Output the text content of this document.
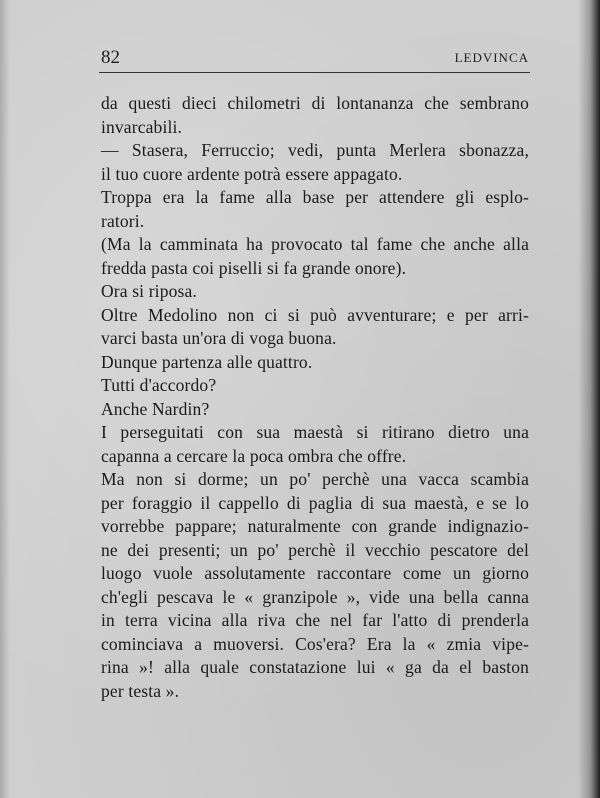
82	LEDVINCA
da questi dieci chilometri di lontananza che sembrano
invarcabili.
— Stasera, Ferruccio; vedi, punta Merlera sbonazza,
il tuo cuore ardente potrà essere appagato.
Troppa era la fame alla base per attendere gli esplo-
ratori.
(Ma la camminata ha provocato tal fame che anche alla
fredda pasta coi piselli si fa grande onore).
Ora si riposa.
Oltre Medolino non ci si può avventurare; e per arri-
varci basta un'ora di voga buona.
Dunque partenza alle quattro.
Tutti d'accordo?
Anche Nardin?
I perseguitati con sua maestà si ritirano dietro una
capanna a cercare la poca ombra che offre.
Ma non si dorme; un po' perchè una vacca scambia
per foraggio il cappello di paglia di sua maestà, e se lo
vorrebbe pappare; naturalmente con grande indignazio-
ne dei presenti; un po' perchè il vecchio pescatore del
luogo vuole assolutamente raccontare come un giorno
ch'egli pescava le « granzipole », vide una bella canna
in terra vicina alla riva che nel far l'atto di prenderla
cominciava a muoversi. Cos'era? Era la « zmia vipe-
rina »! alla quale constatazione lui « ga da el baston
per testa ».
